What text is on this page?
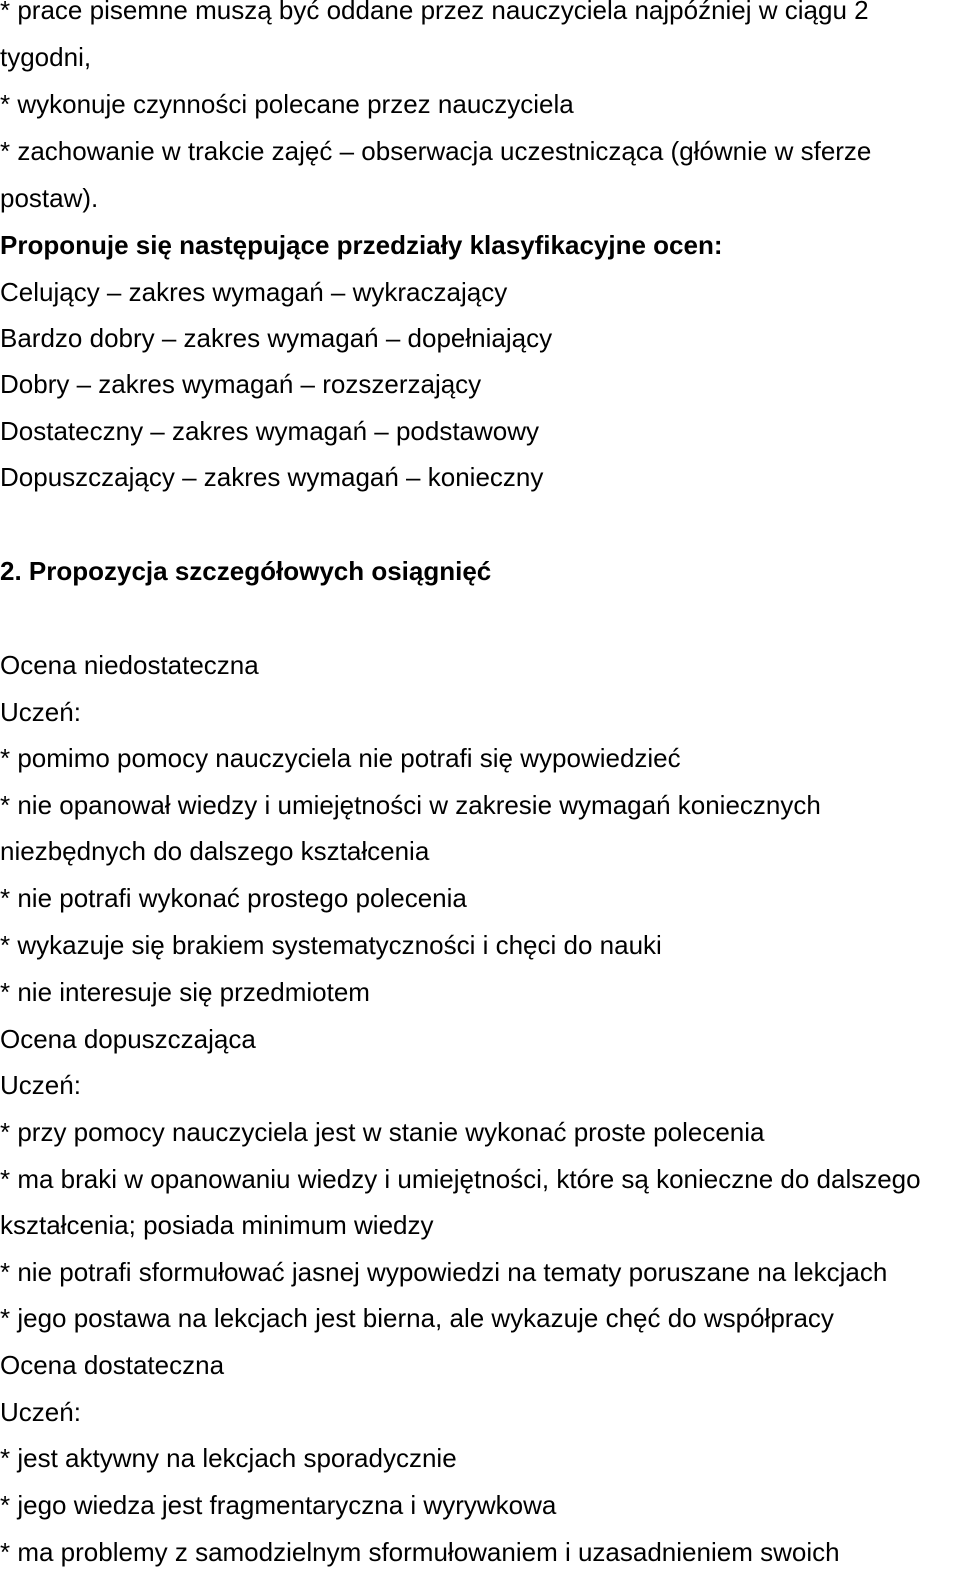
* prace pisemne muszą być oddane przez nauczyciela najpóźniej w ciągu 2

tygodni,

* wykonuje czynności polecane przez nauczyciela

* zachowanie w trakcie zajęć – obserwacja uczestnicząca (głównie w sferze

postaw).

Proponuje się następujące przedziały klasyfikacyjne ocen:

Celujący – zakres wymagań – wykraczający

Bardzo dobry – zakres wymagań – dopełniający

Dobry – zakres wymagań – rozszerzający

Dostateczny – zakres wymagań – podstawowy

Dopuszczający – zakres wymagań – konieczny

2. Propozycja szczegółowych osiągnięć

Ocena niedostateczna

Uczeń:

* pomimo pomocy nauczyciela nie potrafi się wypowiedzieć

* nie opanował wiedzy i umiejętności w zakresie wymagań koniecznych

niezbędnych do dalszego kształcenia

* nie potrafi wykonać prostego polecenia

* wykazuje się brakiem systematyczności i chęci do nauki

* nie interesuje się przedmiotem

Ocena dopuszczająca

Uczeń:

* przy pomocy nauczyciela jest w stanie wykonać proste polecenia

* ma braki w opanowaniu wiedzy i umiejętności, które są konieczne do dalszego

kształcenia; posiada minimum wiedzy

* nie potrafi sformułować jasnej wypowiedzi na tematy poruszane na lekcjach

* jego postawa na lekcjach jest bierna, ale wykazuje chęć do współpracy

Ocena dostateczna

Uczeń:

* jest aktywny na lekcjach sporadycznie

* jego wiedza jest fragmentaryczna i wyrywkowa

* ma problemy z samodzielnym sformułowaniem i uzasadnieniem swoich
